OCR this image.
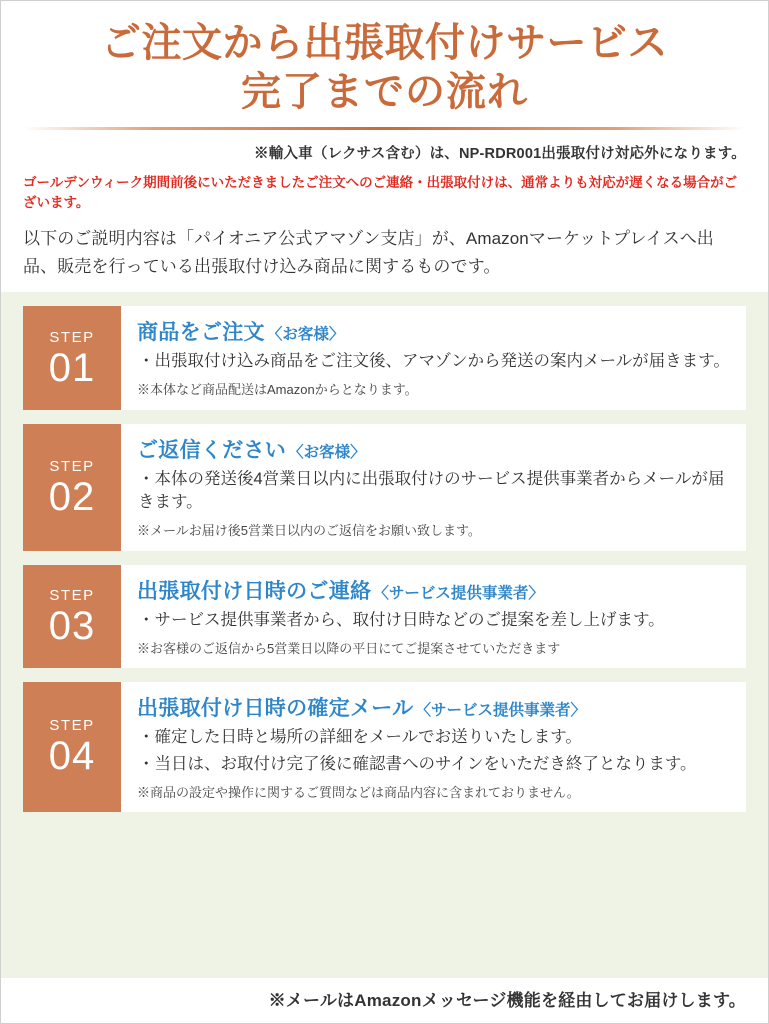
ご注文から出張取付けサービス
完了までの流れ
※輸入車（レクサス含む）は、NP-RDR001出張取付け対応外になります。
ゴールデンウィーク期間前後にいただきましたご注文へのご連絡・出張取付けは、通常よりも対応が遅くなる場合がございます。
以下のご説明内容は「パイオニア公式アマゾン支店」が、Amazonマーケットプレイスへ出品、販売を行っている出張取付け込み商品に関するものです。
STEP
01
商品をご注文 〈お客様〉
・出張取付け込み商品をご注文後、アマゾンから発送の案内メールが届きます。
※本体など商品配送はAmazonからとなります。
STEP
02
ご返信ください 〈お客様〉
・本体の発送後4営業日以内に出張取付けのサービス提供事業者からメールが届きます。
※メールお届け後5営業日以内のご返信をお願い致します。
STEP
03
出張取付け日時のご連絡 〈サービス提供事業者〉
・サービス提供事業者から、取付け日時などのご提案を差し上げます。
※お客様のご返信から5営業日以降の平日にてご提案させていただきます
STEP
04
出張取付け日時の確定メール 〈サービス提供事業者〉
・確定した日時と場所の詳細をメールでお送りいたします。
・当日は、お取付け完了後に確認書へのサインをいただき終了となります。
※商品の設定や操作に関するご質問などは商品内容に含まれておりません。
※メールはAmazonメッセージ機能を経由してお届けします。
